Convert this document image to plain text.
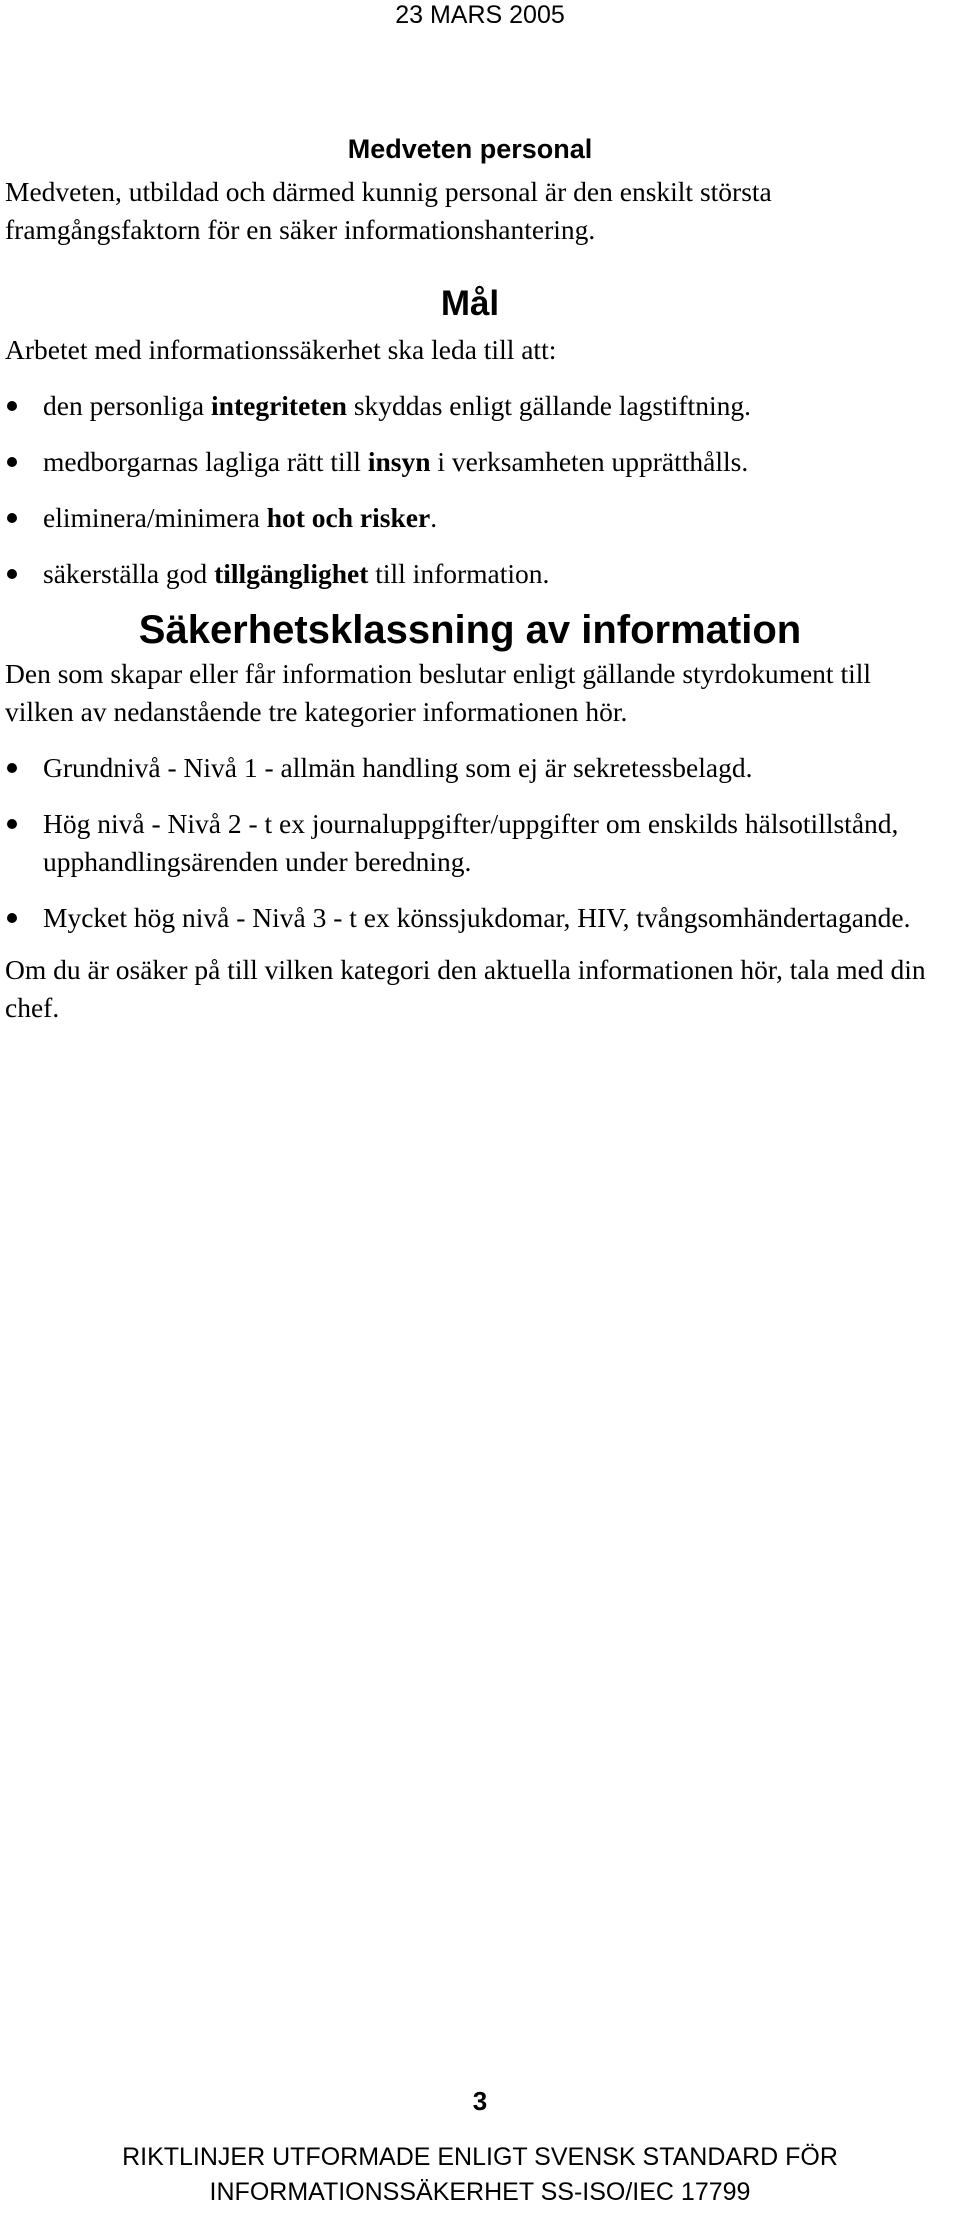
23 MARS 2005
Medveten personal

Medveten, utbildad och därmed kunnig personal är den enskilt största framgångsfaktorn för en säker informationshantering.

Mål

Arbetet med informationssäkerhet ska leda till att:

den personliga integriteten skyddas enligt gällande lagstiftning.
medborgarnas lagliga rätt till insyn i verksamheten upprätthålls.
eliminera/minimera hot och risker.
säkerställa god tillgänglighet till information.
Säkerhetsklassning av information

Den som skapar eller får information beslutar enligt gällande styrdokument till vilken av nedanstående tre kategorier informationen hör.

Grundnivå - Nivå 1 - allmän handling som ej är sekretessbelagd.
Hög nivå - Nivå 2 - t ex journaluppgifter/uppgifter om enskilds hälsotillstånd, upphandlingsärenden under beredning.
Mycket hög nivå - Nivå 3 - t ex könssjukdomar, HIV, tvångsomhändertagande.

Om du är osäker på till vilken kategori den aktuella informationen hör, tala med din chef.

3
RIKTLINJER UTFORMADE ENLIGT SVENSK STANDARD FÖR
INFORMATIONSSÄKERHET SS-ISO/IEC 17799
